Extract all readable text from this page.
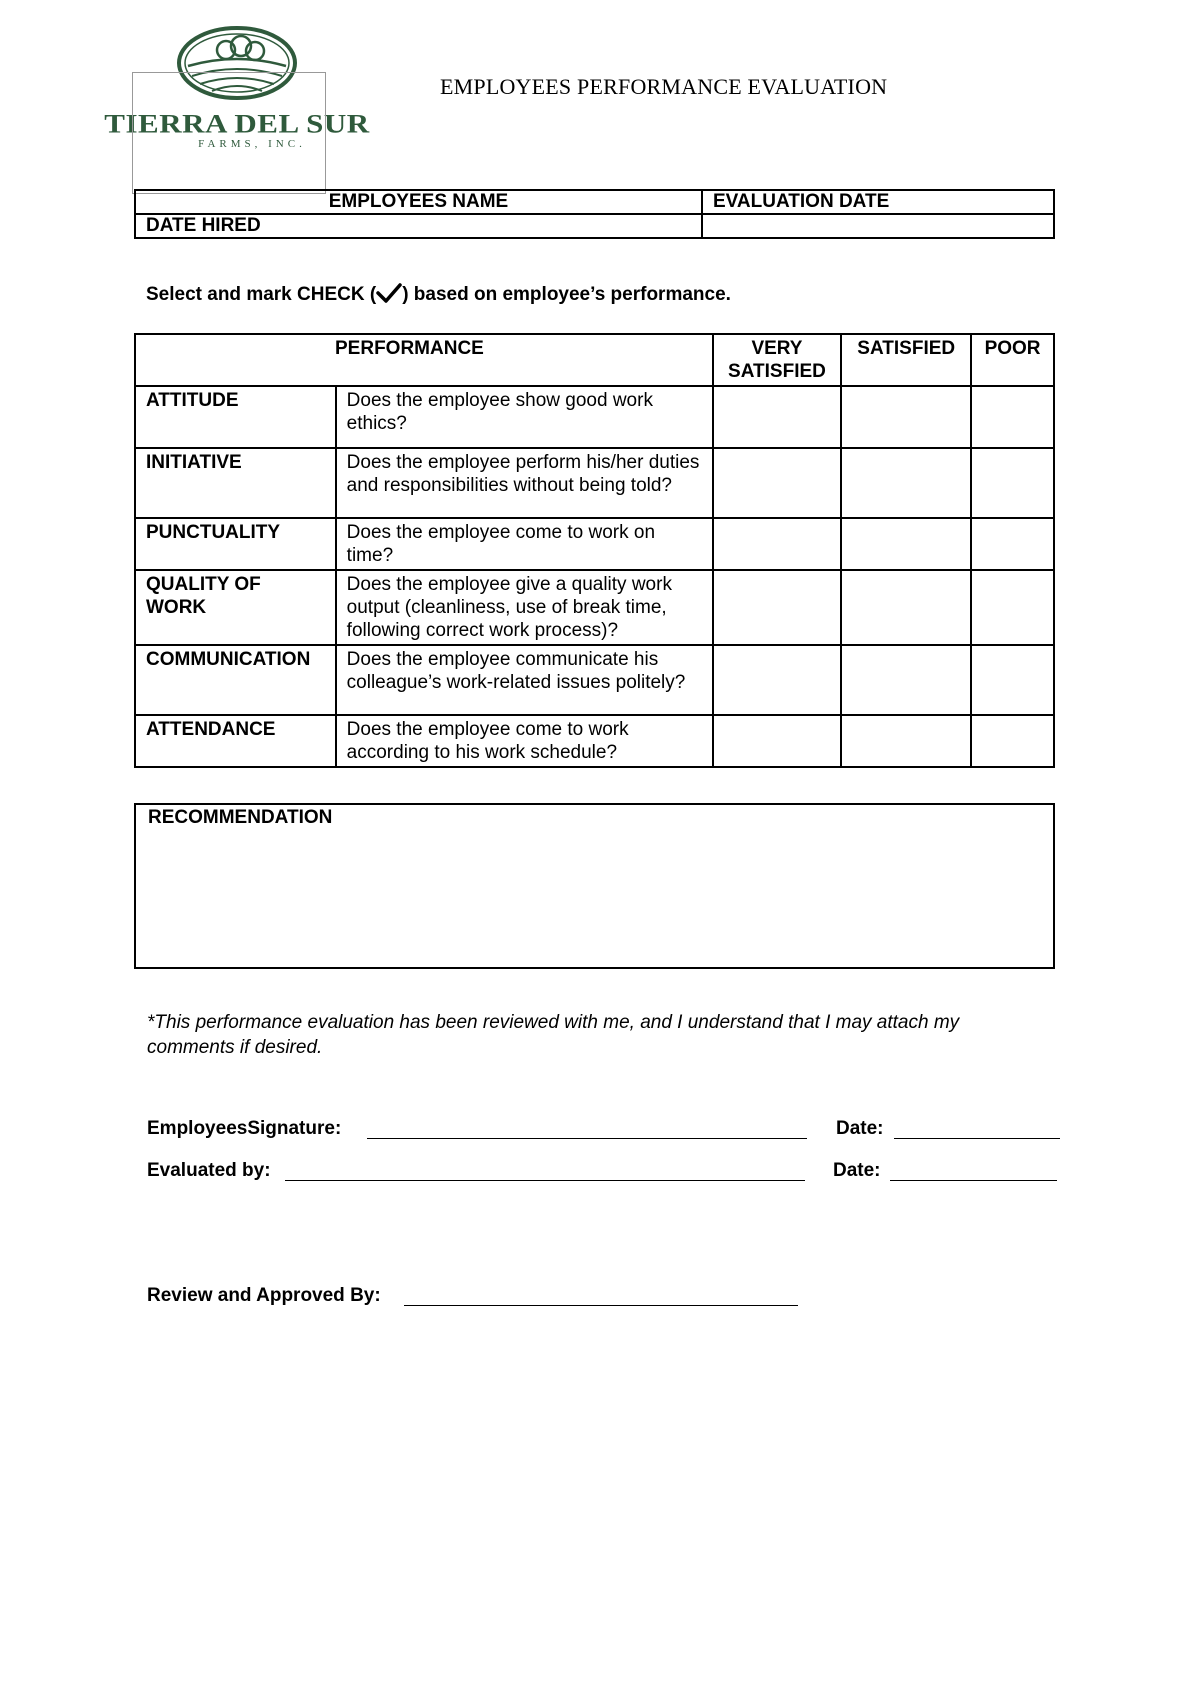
TIERRA DEL SUR
FARMS, INC.
EMPLOYEES PERFORMANCE EVALUATION
EMPLOYEES NAME	EVALUATION DATE
DATE HIRED	
Select and mark CHECK ( ) based on employee’s performance.
PERFORMANCE		VERY SATISFIED	SATISFIED	POOR
ATTITUDE	Does the employee show good work ethics?			
INITIATIVE	Does the employee perform his/her duties and responsibilities without being told?			
PUNCTUALITY	Does the employee come to work on time?			
QUALITY OF WORK	Does the employee give a quality work output (cleanliness, use of break time, following correct work process)?			
COMMUNICATION	Does the employee communicate his colleague’s work-related issues politely?			
ATTENDANCE	Does the employee come to work according to his work schedule?			
RECOMMENDATION
*This performance evaluation has been reviewed with me, and I understand that I may attach my comments if desired.
EmployeesSignature:	Date:
Evaluated by:	Date:
Review and Approved By:
